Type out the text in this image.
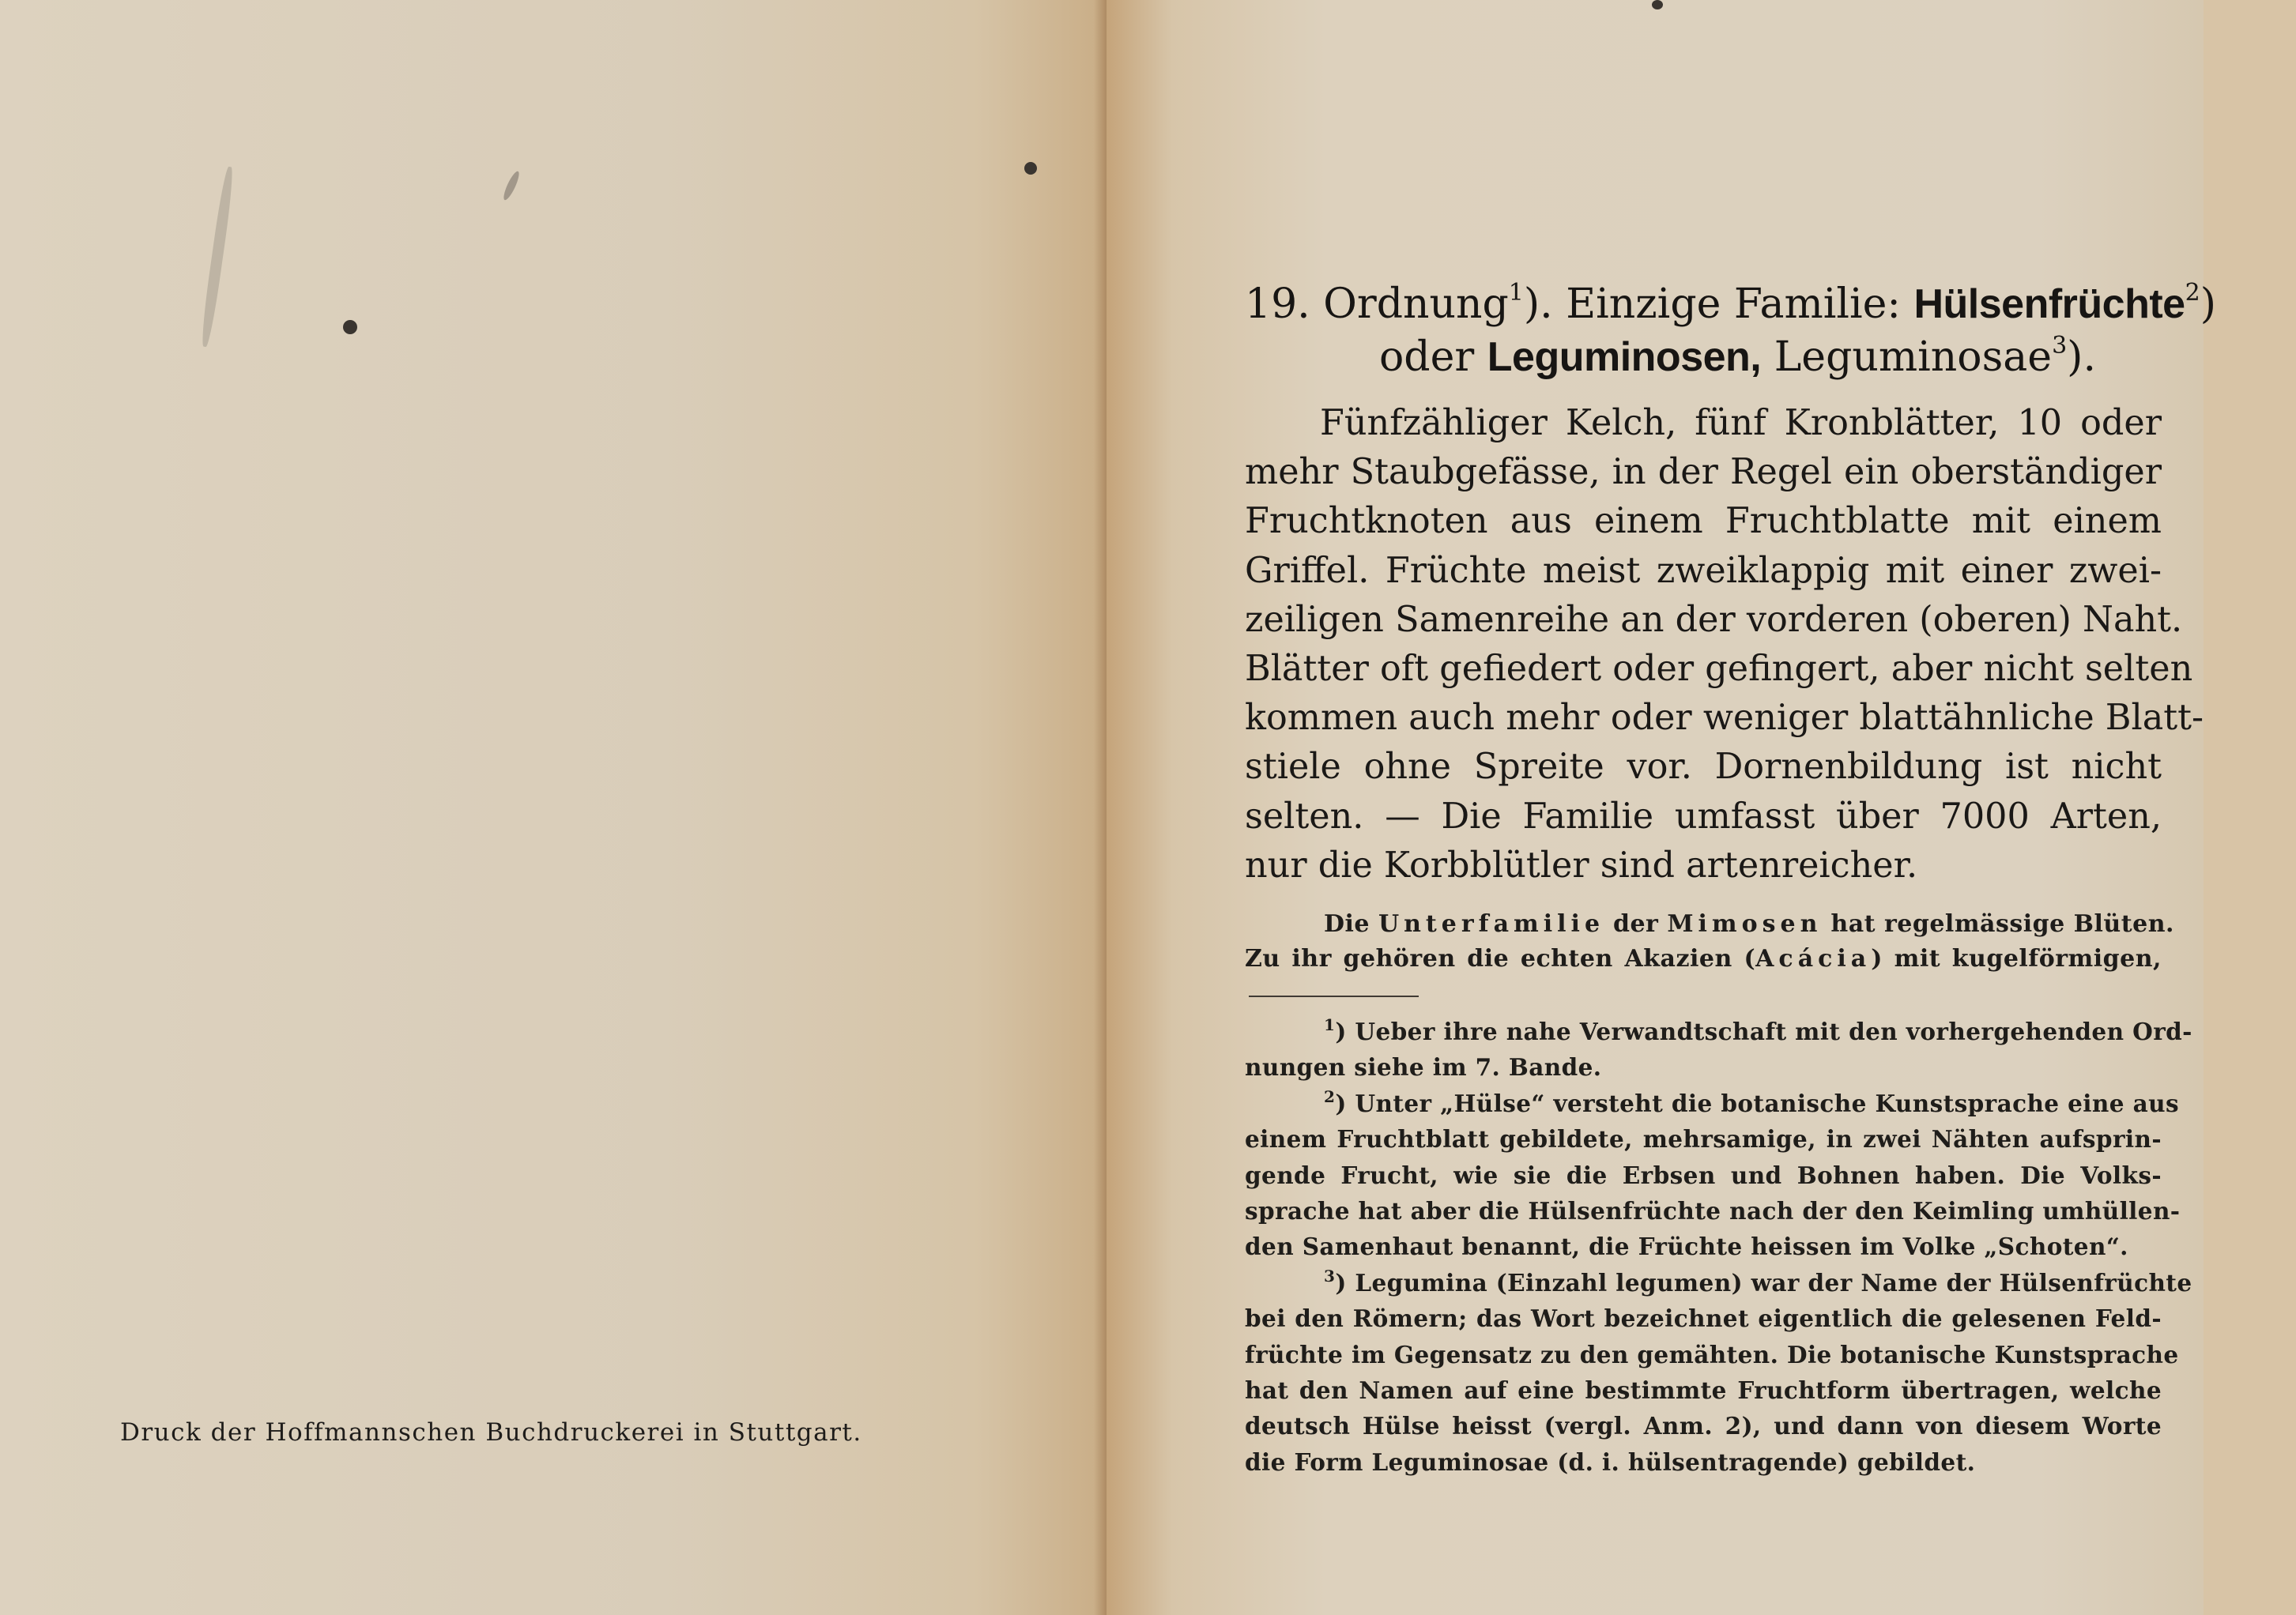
Druck der Hoffmannschen Buchdruckerei in Stuttgart.
19. Ordnung$^1$). Einzige Familie: Hülsenfrüchte$^2$)
oder Leguminosen, Leguminosae$^3$).
Fünfzähliger Kelch, fünf Kronblätter, 10 oder
mehr Staubgefässe, in der Regel ein oberständiger
Fruchtknoten aus einem Fruchtblatte mit einem
Griffel. Früchte meist zweiklappig mit einer zwei-
zeiligen Samenreihe an der vorderen (oberen) Naht.
Blätter oft gefiedert oder gefingert, aber nicht selten
kommen auch mehr oder weniger blattähnliche Blatt-
stiele ohne Spreite vor. Dornenbildung ist nicht
selten. — Die Familie umfasst über 7000 Arten,
nur die Korbblütler sind artenreicher.
Die Unterfamilie der Mimosen hat regelmässige Blüten.
Zu ihr gehören die echten Akazien (Acácia) mit kugelförmigen,
$^1$) Ueber ihre nahe Verwandtschaft mit den vorhergehenden Ord-
nungen siehe im 7. Bande.
$^2$) Unter „Hülse“ versteht die botanische Kunstsprache eine aus
einem Fruchtblatt gebildete, mehrsamige, in zwei Nähten aufsprin-
gende Frucht, wie sie die Erbsen und Bohnen haben. Die Volks-
sprache hat aber die Hülsenfrüchte nach der den Keimling umhüllen-
den Samenhaut benannt, die Früchte heissen im Volke „Schoten“.
$^3$) Legumina (Einzahl legumen) war der Name der Hülsenfrüchte
bei den Römern; das Wort bezeichnet eigentlich die gelesenen Feld-
früchte im Gegensatz zu den gemähten. Die botanische Kunstsprache
hat den Namen auf eine bestimmte Fruchtform übertragen, welche
deutsch Hülse heisst (vergl. Anm. 2), und dann von diesem Worte
die Form Leguminosae (d. i. hülsentragende) gebildet.
